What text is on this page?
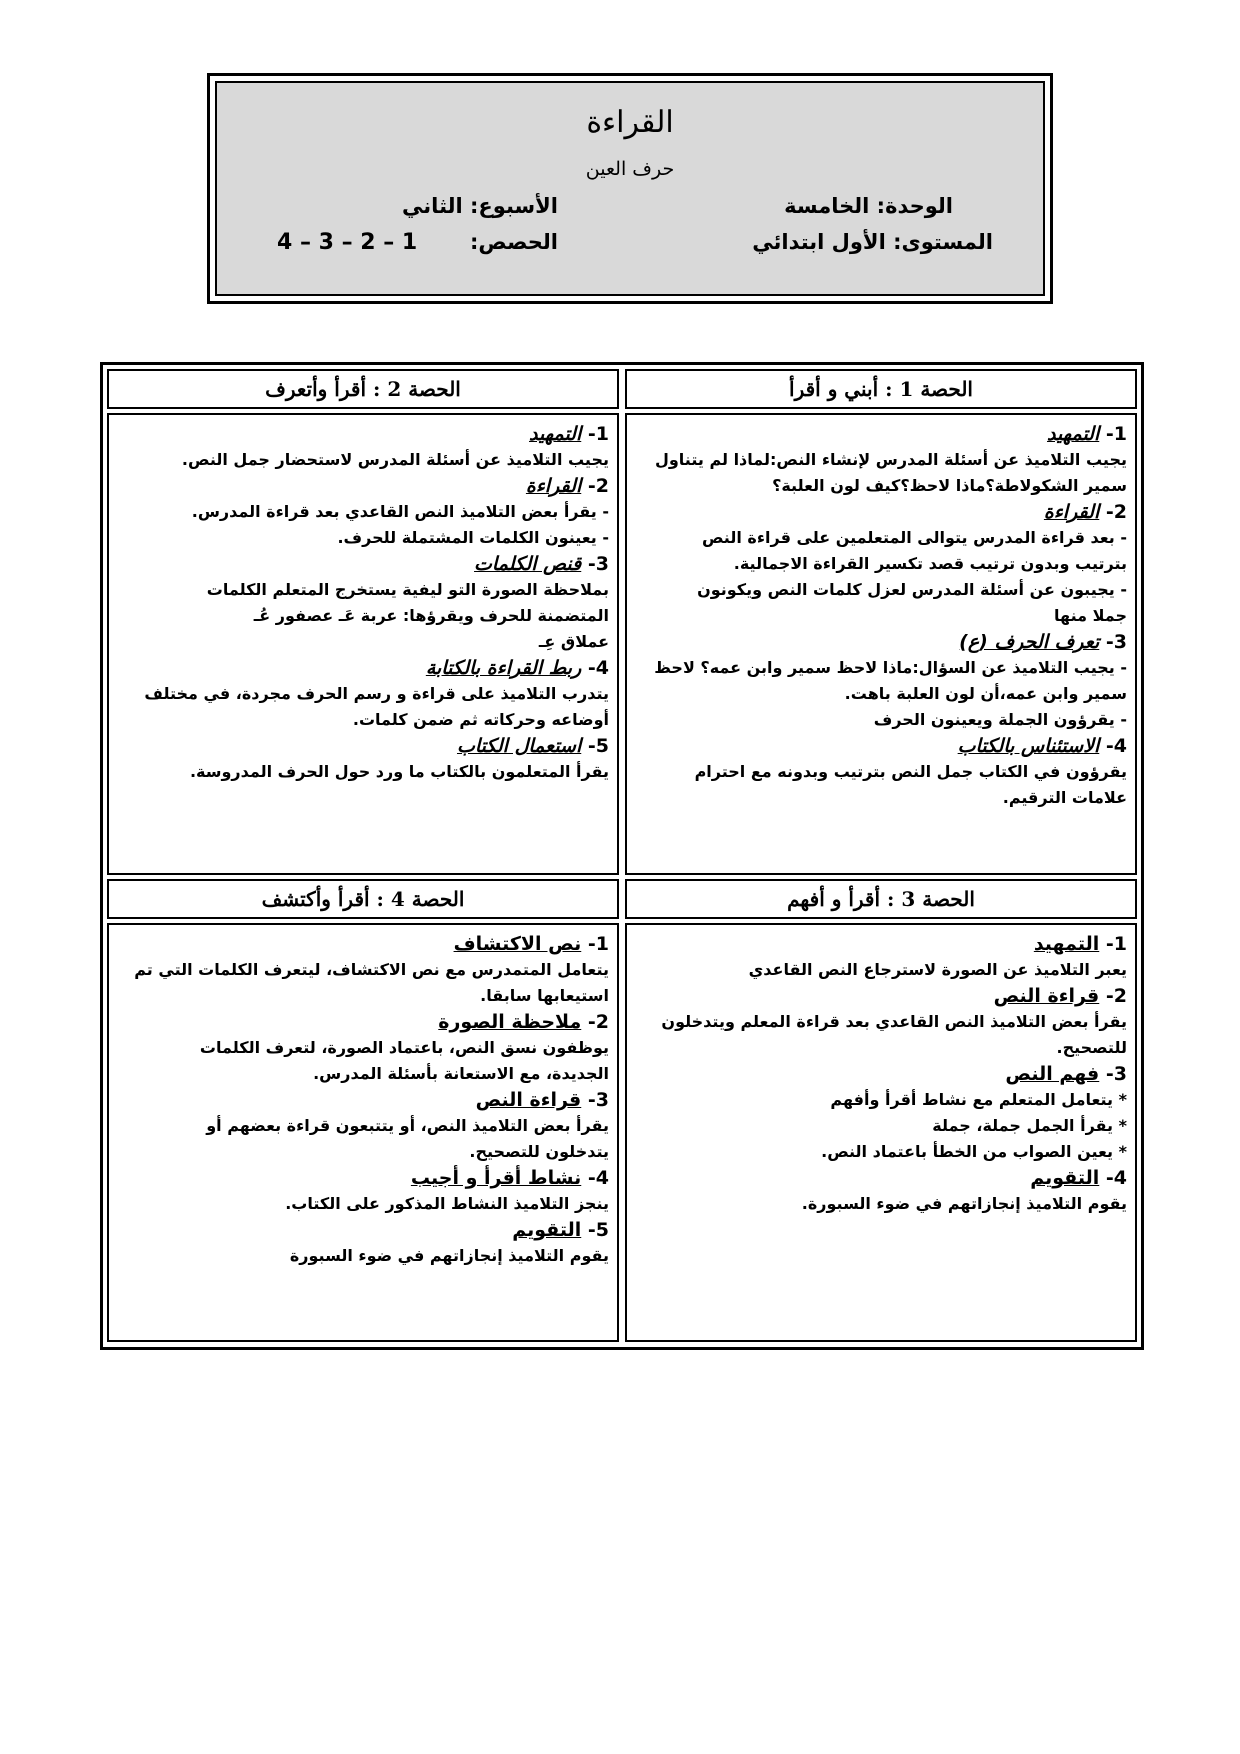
القراءة
حرف العين
الوحدة: الخامسة
الأسبوع: الثاني
المستوى: الأول ابتدائي
الحصص:
4 – 3 – 2 – 1
الحصة 1 : أبني و أقرأ
الحصة 2 : أقرأ وأتعرف

1- التمهيد

يجيب التلاميذ عن أسئلة المدرس لإنشاء النص:لماذا لم يتناول

سمير الشكولاطة؟ماذا لاحظ؟كيف لون العلبة؟

2- القراءة

- بعد قراءة المدرس يتوالى المتعلمين على قراءة النص

بترتيب وبدون ترتيب قصد تكسير القراءة الاجمالية.

- يجيبون عن أسئلة المدرس لعزل كلمات النص ويكونون

جملا منها

3- تعرف الحرف (ع)

- يجيب التلاميذ عن السؤال:ماذا لاحظ سمير وابن عمه؟ لاحظ

سمير وابن عمه،أن لون العلبة باهت.

- يقرؤون الجملة ويعينون الحرف

4- الاستئناس بالكتاب

يقرؤون في الكتاب جمل النص بترتيب وبدونه مع احترام

علامات الترقيم.

1- التمهيد

يجيب التلاميذ عن أسئلة المدرس لاستحضار جمل النص.

2- القراءة

- يقرأ بعض التلاميذ النص القاعدي بعد قراءة المدرس.

- يعينون الكلمات المشتملة للحرف.

3- قنص الكلمات

بملاحظة الصورة التو ليفية يستخرج المتعلم الكلمات

المتضمنة للحرف ويقرؤها: عربة عَـ عصفور عُـ

عملاق عِـ

4- ربط القراءة بالكتابة

يتدرب التلاميذ على قراءة و رسم الحرف مجردة، في مختلف

أوضاعه وحركاته ثم ضمن كلمات.

5- استعمال الكتاب

يقرأ المتعلمون بالكتاب ما ورد حول الحرف المدروسة.

الحصة 3 : أقرأ و أفهم
الحصة 4 : أقرأ وأكتشف

1- التمهيد

يعبر التلاميذ عن الصورة لاسترجاع النص القاعدي

2- قراءة النص

يقرأ بعض التلاميذ النص القاعدي بعد قراءة المعلم ويتدخلون

للتصحيح.

3- فهم النص

* يتعامل المتعلم مع نشاط أقرأ وأفهم

* يقرأ الجمل جملة، جملة

* يعين الصواب من الخطأ باعتماد النص.

4- التقويم

يقوم التلاميذ إنجازاتهم في ضوء السبورة.

1- نص الاكتشاف

يتعامل المتمدرس مع نص الاكتشاف، ليتعرف الكلمات التي تم

استيعابها سابقا.

2- ملاحظة الصورة

يوظفون نسق النص، باعتماد الصورة، لتعرف الكلمات

الجديدة، مع الاستعانة بأسئلة المدرس.

3- قراءة النص

يقرأ بعض التلاميذ النص، أو يتتبعون قراءة بعضهم أو

يتدخلون للتصحيح.

4- نشاط أقرأ و أجيب

ينجز التلاميذ النشاط المذكور على الكتاب.

5- التقويم

يقوم التلاميذ إنجازاتهم في ضوء السبورة
